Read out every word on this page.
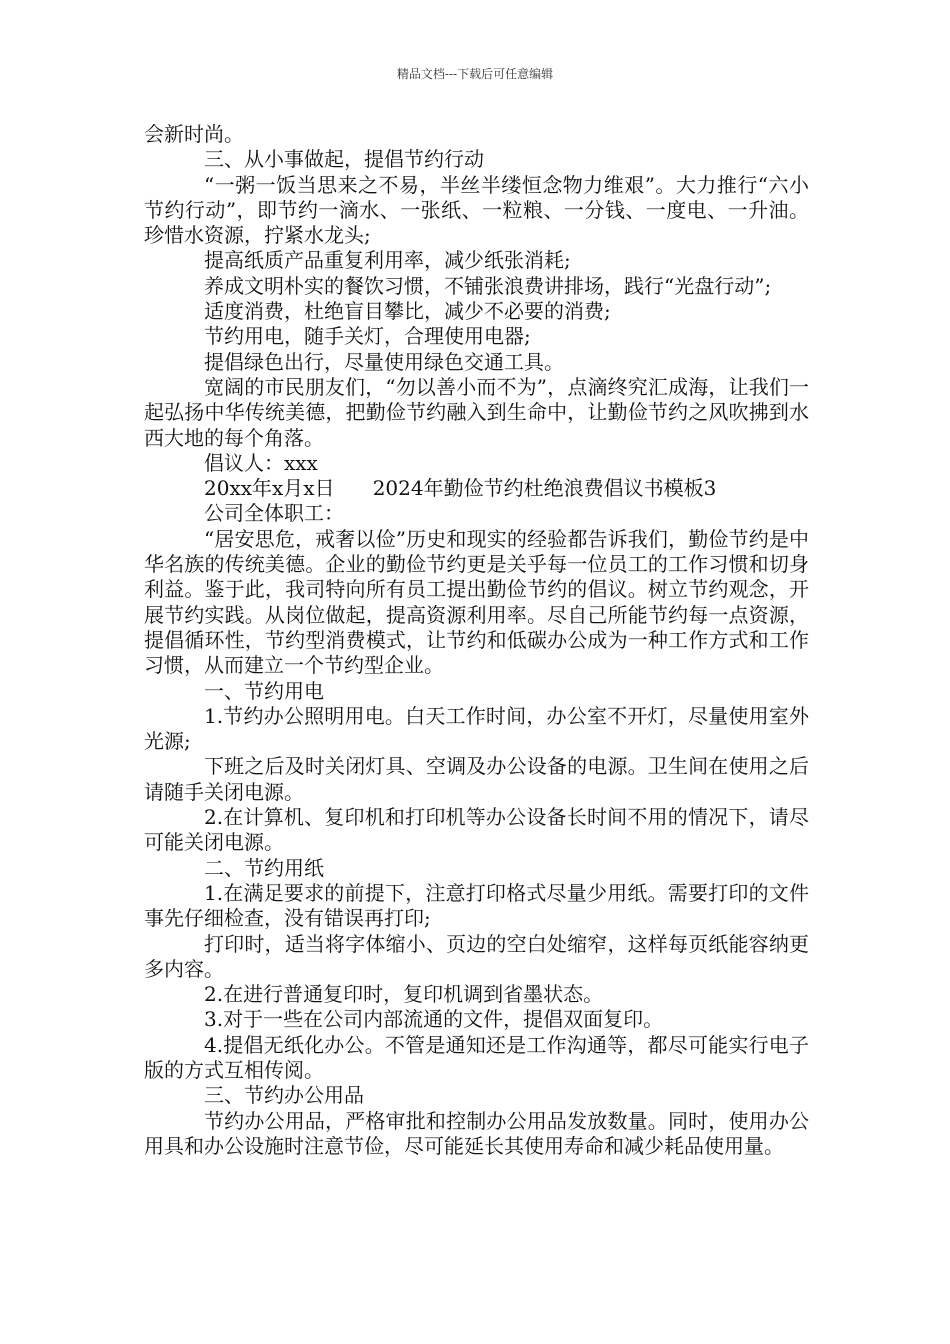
精品文档---下载后可任意编辑

会新时尚。

三、从小事做起，提倡节约行动

“一粥一饭当思来之不易，半丝半缕恒念物力维艰”。大力推行“六小节约行动”，即节约一滴水、一张纸、一粒粮、一分钱、一度电、一升油。珍惜水资源，拧紧水龙头;

提高纸质产品重复利用率，减少纸张消耗;

养成文明朴实的餐饮习惯，不铺张浪费讲排场，践行“光盘行动”;

适度消费，杜绝盲目攀比，减少不必要的消费;

节约用电，随手关灯，合理使用电器;

提倡绿色出行，尽量使用绿色交通工具。

宽阔的市民朋友们，“勿以善小而不为”，点滴终究汇成海，让我们一起弘扬中华传统美德，把勤俭节约融入到生命中，让勤俭节约之风吹拂到水西大地的每个角落。

倡议人：xxx

20xx年x月x日      2024年勤俭节约杜绝浪费倡议书模板3

公司全体职工：

“居安思危，戒奢以俭”历史和现实的经验都告诉我们，勤俭节约是中华名族的传统美德。企业的勤俭节约更是关乎每一位员工的工作习惯和切身利益。鉴于此，我司特向所有员工提出勤俭节约的倡议。树立节约观念，开展节约实践。从岗位做起，提高资源利用率。尽自己所能节约每一点资源，提倡循环性，节约型消费模式，让节约和低碳办公成为一种工作方式和工作习惯，从而建立一个节约型企业。

一、节约用电

1.节约办公照明用电。白天工作时间，办公室不开灯，尽量使用室外光源;

下班之后及时关闭灯具、空调及办公设备的电源。卫生间在使用之后请随手关闭电源。

2.在计算机、复印机和打印机等办公设备长时间不用的情况下，请尽可能关闭电源。

二、节约用纸

1.在满足要求的前提下，注意打印格式尽量少用纸。需要打印的文件事先仔细检查，没有错误再打印;

打印时，适当将字体缩小、页边的空白处缩窄，这样每页纸能容纳更多内容。

2.在进行普通复印时，复印机调到省墨状态。

3.对于一些在公司内部流通的文件，提倡双面复印。

4.提倡无纸化办公。不管是通知还是工作沟通等，都尽可能实行电子版的方式互相传阅。

三、节约办公用品

节约办公用品，严格审批和控制办公用品发放数量。同时，使用办公用具和办公设施时注意节俭，尽可能延长其使用寿命和减少耗品使用量。
